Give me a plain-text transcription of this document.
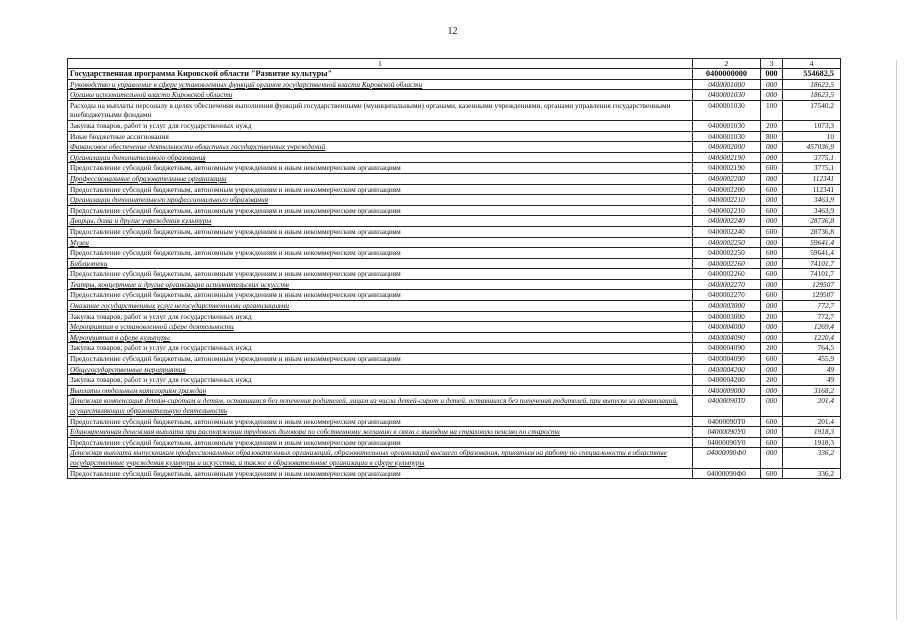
12
1	2	3	4
Государственная программа Кировской области "Развитие культуры"	0400000000	000	554682,5
Руководство и управление в сфере установленных функций органов государственной власти Кировской области	0400001000	000	18623,5
Органы исполнительной власти Кировской области	0400001030	000	18623,5
Расходы на выплаты персоналу в целях обеспечения выполнения функций государственными (муниципальными) органами, казенными учреждениями, органами управления государственными внебюджетными фондами	0400001030	100	17540,2
Закупка товаров, работ и услуг для государственных нужд	0400001030	200	1073,3
Иные бюджетные ассигнования	0400001030	800	10
Финансовое обеспечение деятельности областных государственных учреждений	0400002000	000	457036,9
Организации дополнительного образования	0400002190	000	3775,1
Предоставление субсидий бюджетным, автономным учреждениям и иным некоммерческим организациям	0400002190	600	3775,1
Профессиональные образовательные организации	0400002200	000	112341
Предоставление субсидий бюджетным, автономным учреждениям и иным некоммерческим организациям	0400002200	600	112341
Организации дополнительного профессионального образования	0400002210	000	3463,9
Предоставление субсидий бюджетным, автономным учреждениям и иным некоммерческим организациям	0400002210	600	3463,9
Дворцы, дома и другие учреждения культуры	0400002240	000	28736,8
Предоставление субсидий бюджетным, автономным учреждениям и иным некоммерческим организациям	0400002240	600	28736,8
Музеи	0400002250	000	59641,4
Предоставление субсидий бюджетным, автономным учреждениям и иным некоммерческим организациям	0400002250	600	59641,4
Библиотеки	0400002260	000	74101,7
Предоставление субсидий бюджетным, автономным учреждениям и иным некоммерческим организациям	0400002260	600	74101,7
Театры, концертные и другие организации исполнительских искусств	0400002270	000	129507
Предоставление субсидий бюджетным, автономным учреждениям и иным некоммерческим организациям	0400002270	600	129507
Оказание государственных услуг негосударственными организациями	0400003000	000	772,7
Закупка товаров, работ и услуг для государственных нужд	0400003000	200	772,7
Мероприятия в установленной сфере деятельности	0400004000	000	1269,4
Мероприятия в сфере культуры	0400004090	000	1220,4
Закупка товаров, работ и услуг для государственных нужд	0400004090	200	764,5
Предоставление субсидий бюджетным, автономным учреждениям и иным некоммерческим организациям	0400004090	600	455,9
Общегосударственные мероприятия	0400004200	000	49
Закупка товаров, работ и услуг для государственных нужд	0400004200	200	49
Выплаты отдельным категориям граждан	0400009000	000	3168,2
Денежная компенсация детям-сиротам и детям, оставшимся без попечения родителей, лицам из числа детей-сирот и детей, оставшихся без попечения родителей, при выпуске из организаций, осуществляющих образовательную деятельность	04000090Т0	000	201,4
Предоставление субсидий бюджетным, автономным учреждениям и иным некоммерческим организациям	04000090Т0	600	201,4
Единовременная денежная выплата при расторжении трудового договора по собственному желанию в связи с выходом на страховую пенсию по старости	04000090У0	000	1918,3
Предоставление субсидий бюджетным, автономным учреждениям и иным некоммерческим организациям	04000090У0	600	1918,3
Денежная выплата выпускникам профессиональных образовательных организаций, образовательных организаций высшего образования, принятым на работу по специальности в областные государственные учреждения культуры и искусства, а также в образовательные организации в сфере культуры	04000090Ф0	000	336,2
Предоставление субсидий бюджетным, автономным учреждениям и иным некоммерческим организациям	04000090Ф0	600	336,2
